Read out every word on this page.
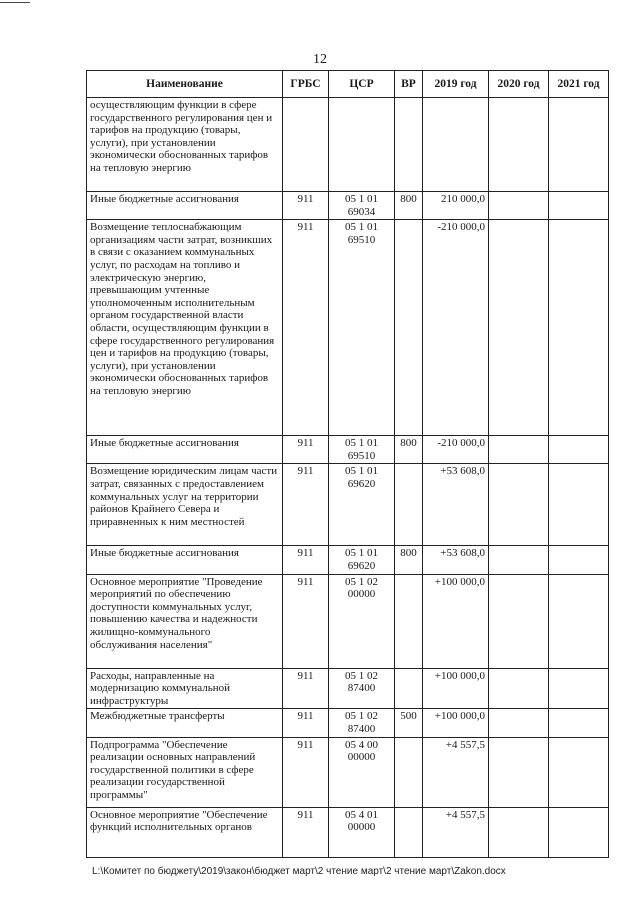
12
Наименование	ГРБС	ЦСР	ВР	2019 год	2020 год	2021 год
осуществляющим функции в сфере государственного регулирования цен и тарифов на продукцию (товары, услуги), при установлении экономически обоснованных тарифов на тепловую энергию						
Иные бюджетные ассигнования	911	05 1 01 69034	800	210 000,0		
Возмещение теплоснабжающим организациям части затрат, возникших в связи с оказанием коммунальных услуг, по расходам на топливо и электрическую энергию, превышающим учтенные уполномоченным исполнительным органом государственной власти области, осуществляющим функции в сфере государственного регулирования цен и тарифов на продукцию (товары, услуги), при установлении экономически обоснованных тарифов на тепловую энергию	911	05 1 01 69510		-210 000,0		
Иные бюджетные ассигнования	911	05 1 01 69510	800	-210 000,0		
Возмещение юридическим лицам части затрат, связанных с предоставлением коммунальных услуг на территории районов Крайнего Севера и приравненных к ним местностей	911	05 1 01 69620		+53 608,0		
Иные бюджетные ассигнования	911	05 1 01 69620	800	+53 608,0		
Основное мероприятие "Проведение мероприятий по обеспечению доступности коммунальных услуг, повышению качества и надежности жилищно-коммунального обслуживания населения"	911	05 1 02 00000		+100 000,0		
Расходы, направленные на модернизацию коммунальной инфраструктуры	911	05 1 02 87400		+100 000,0		
Межбюджетные трансферты	911	05 1 02 87400	500	+100 000,0		
Подпрограмма "Обеспечение реализации основных направлений государственной политики в сфере реализации государственной программы"	911	05 4 00 00000		+4 557,5		
Основное мероприятие "Обеспечение функций исполнительных органов	911	05 4 01 00000		+4 557,5		
L:\Комитет по бюджету\2019\закон\бюджет март\2 чтение март\2 чтение март\Zakon.docx
